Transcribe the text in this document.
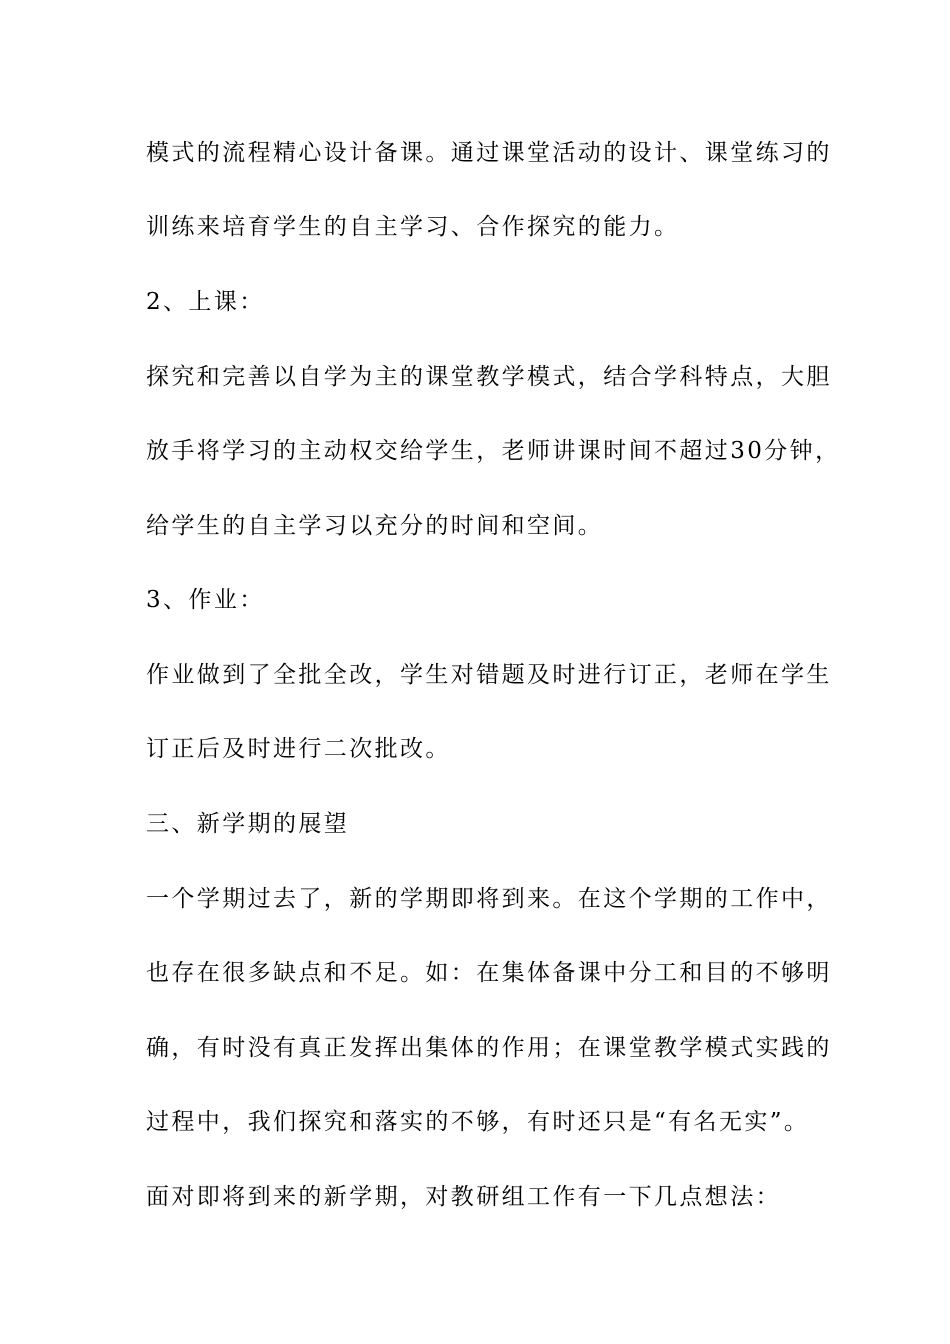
模式的流程精心设计备课。通过课堂活动的设计、课堂练习的
训练来培育学生的自主学习、合作探究的能力。
2、上课：
探究和完善以自学为主的课堂教学模式，结合学科特点，大胆
放手将学习的主动权交给学生，老师讲课时间不超过30分钟，
给学生的自主学习以充分的时间和空间。
3、作业：
作业做到了全批全改，学生对错题及时进行订正，老师在学生
订正后及时进行二次批改。
三、新学期的展望
一个学期过去了，新的学期即将到来。在这个学期的工作中，
也存在很多缺点和不足。如：在集体备课中分工和目的不够明
确，有时没有真正发挥出集体的作用；在课堂教学模式实践的
过程中，我们探究和落实的不够，有时还只是“有名无实”。
面对即将到来的新学期，对教研组工作有一下几点想法：
